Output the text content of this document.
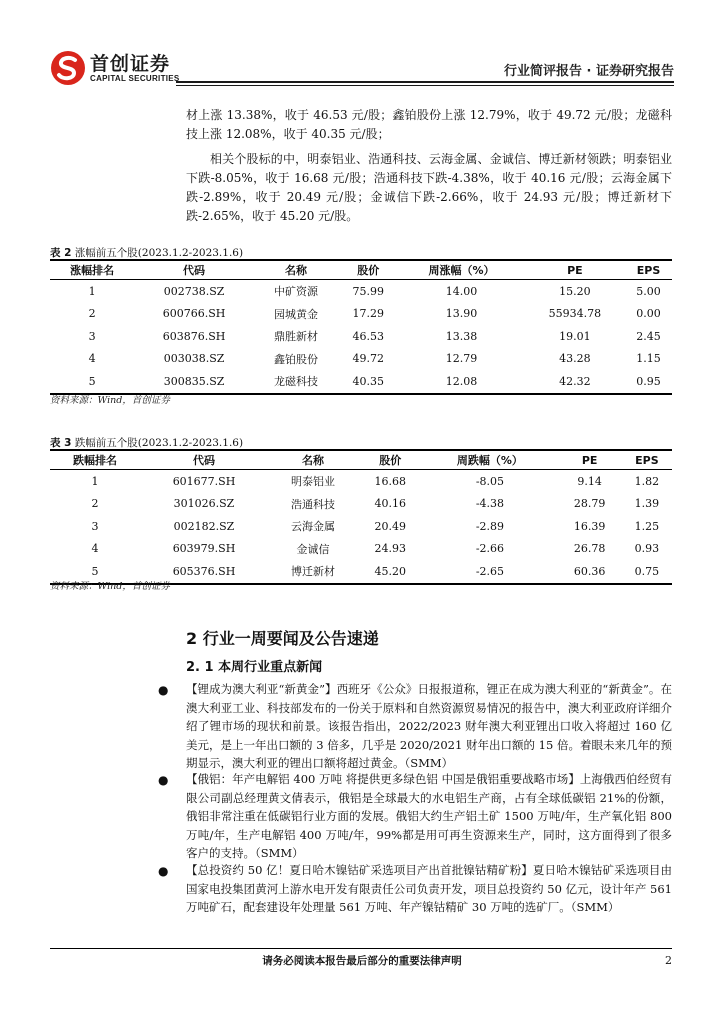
首创证券
CAPITAL SECURITIES	行业简评报告 · 证券研究报告
材上涨 13.38%，收于 46.53 元/股；鑫铂股份上涨 12.79%，收于 49.72 元/股；龙磁科技上涨 12.08%，收于 40.35 元/股；
相关个股标的中，明泰铝业、浩通科技、云海金属、金诚信、博迁新材领跌；明泰铝业下跌-8.05%，收于 16.68 元/股；浩通科技下跌-4.38%，收于 40.16 元/股；云海金属下跌-2.89%，收于 20.49 元/股；金诚信下跌-2.66%，收于 24.93 元/股；博迁新材下跌-2.65%，收于 45.20 元/股。
表 2 涨幅前五个股(2023.1.2-2023.1.6)
涨幅排名	代码	名称	股价	周涨幅（%）	PE	EPS
1	002738.SZ	中矿资源	75.99	14.00	15.20	5.00
2	600766.SH	园城黄金	17.29	13.90	55934.78	0.00
3	603876.SH	鼎胜新材	46.53	13.38	19.01	2.45
4	003038.SZ	鑫铂股份	49.72	12.79	43.28	1.15
5	300835.SZ	龙磁科技	40.35	12.08	42.32	0.95
资料来源：Wind，首创证券
表 3 跌幅前五个股(2023.1.2-2023.1.6)
跌幅排名	代码	名称	股价	周跌幅（%）	PE	EPS
1	601677.SH	明泰铝业	16.68	-8.05	9.14	1.82
2	301026.SZ	浩通科技	40.16	-4.38	28.79	1.39
3	002182.SZ	云海金属	20.49	-2.89	16.39	1.25
4	603979.SH	金诚信	24.93	-2.66	26.78	0.93
5	605376.SH	博迁新材	45.20	-2.65	60.36	0.75
资料来源：Wind，首创证券
2 行业一周要闻及公告速递
2. 1 本周行业重点新闻
● 【锂成为澳大利亚“新黄金”】西班牙《公众》日报报道称，锂正在成为澳大利亚的“新黄金”。在澳大利亚工业、科技部发布的一份关于原料和自然资源贸易情况的报告中，澳大利亚政府详细介绍了锂市场的现状和前景。该报告指出，2022/2023 财年澳大利亚锂出口收入将超过 160 亿美元，是上一年出口额的 3 倍多，几乎是 2020/2021 财年出口额的 15 倍。着眼未来几年的预期显示，澳大利亚的锂出口额将超过黄金。（SMM）
● 【俄铝：年产电解铝 400 万吨 将提供更多绿色铝 中国是俄铝重要战略市场】上海俄西伯经贸有限公司副总经理黄文倩表示，俄铝是全球最大的水电铝生产商，占有全球低碳铝 21%的份额，俄铝非常注重在低碳铝行业方面的发展。俄铝大约生产铝土矿 1500 万吨/年，生产氧化铝 800 万吨/年，生产电解铝 400 万吨/年，99%都是用可再生资源来生产，同时，这方面得到了很多客户的支持。（SMM）
● 【总投资约 50 亿！夏日哈木镍钴矿采选项目产出首批镍钴精矿粉】夏日哈木镍钴矿采选项目由国家电投集团黄河上游水电开发有限责任公司负责开发，项目总投资约 50 亿元，设计年产 561 万吨矿石，配套建设年处理量 561 万吨、年产镍钴精矿 30 万吨的选矿厂。（SMM）
请务必阅读本报告最后部分的重要法律声明	2
